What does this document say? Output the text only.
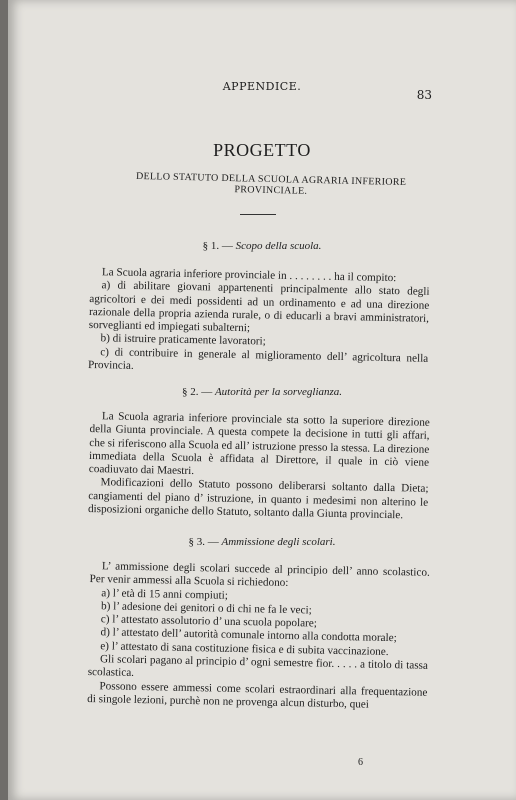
APPENDICE.
83
PROGETTO
DELLO STATUTO DELLA SCUOLA AGRARIA INFERIORE PROVINCIALE.
§ 1. — Scopo della scuola.

La Scuola agraria inferiore provinciale in . . . . . . . . ha il compito:

a) di abilitare giovani appartenenti principalmente allo stato degli agricoltori e dei medi possidenti ad un ordinamento e ad una direzione razionale della propria azienda rurale, o di educarli a bravi amministratori, sorveglianti ed impiegati subalterni;

b) di istruire praticamente lavoratori;

c) di contribuire in generale al miglioramento dell’ agricoltura nella Provincia.

§ 2. — Autorità per la sorveglianza.

La Scuola agraria inferiore provinciale sta sotto la superiore direzione della Giunta provinciale. A questa compete la decisione in tutti gli affari, che si riferiscono alla Scuola ed all’ istruzione presso la stessa. La direzione immediata della Scuola è affidata al Direttore, il quale in ciò viene coadiuvato dai Maestri.

Modificazioni dello Statuto possono deliberarsi soltanto dalla Dieta; cangiamenti del piano d’ istruzione, in quanto i medesimi non alterino le disposizioni organiche dello Statuto, soltanto dalla Giunta provinciale.

§ 3. — Ammissione degli scolari.

L’ ammissione degli scolari succede al principio dell’ anno scolastico. Per venir ammessi alla Scuola si richiedono:

a) l’ età di 15 anni compiuti;

b) l’ adesione dei genitori o di chi ne fa le veci;

c) l’ attestato assolutorio d’ una scuola popolare;

d) l’ attestato dell’ autorità comunale intorno alla condotta morale;

e) l’ attestato di sana costituzione fisica e di subita vaccinazione.

Gli scolari pagano al principio d’ ogni semestre fior. . . . . a titolo di tassa scolastica.

Possono essere ammessi come scolari estraordinari alla frequentazione di singole lezioni, purchè non ne provenga alcun disturbo, quei

6
